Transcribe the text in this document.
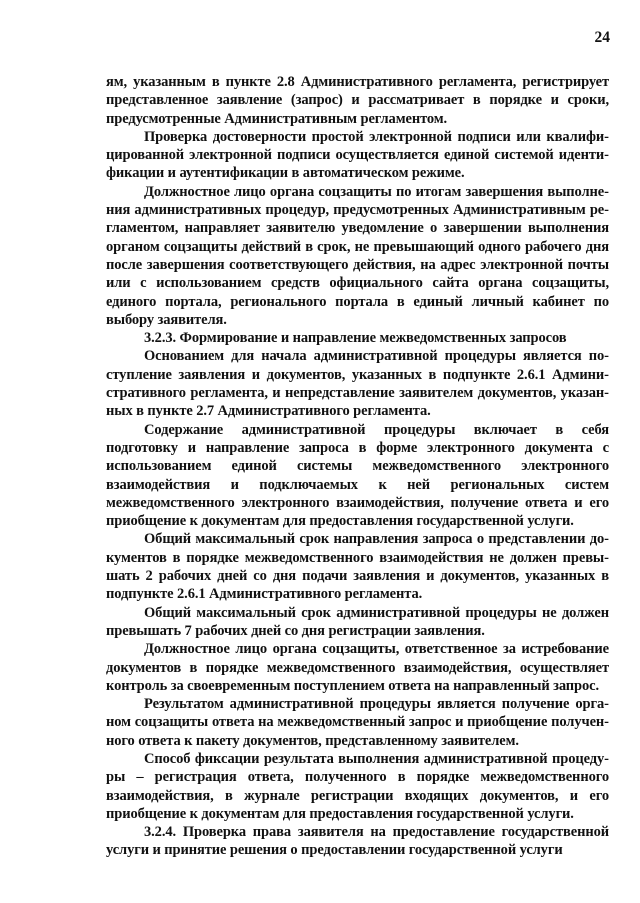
24

ям, указанным в пункте 2.8 Административного регламента, регистрирует представленное заявление (запрос) и рассматривает в порядке и сроки, предусмотренные Административным регламентом.

Проверка достоверности простой электронной подписи или квалифицированной электронной подписи осуществляется единой системой идентификации и аутентификации в автоматическом режиме.

Должностное лицо органа соцзащиты по итогам завершения выполнения административных процедур, предусмотренных Административным регламентом, направляет заявителю уведомление о завершении выполнения органом соцзащиты действий в срок, не превышающий одного рабочего дня после завершения соответствующего действия, на адрес электронной почты или с использованием средств официального сайта органа соцзащиты, единого портала, регионального портала в единый личный кабинет по выбору заявителя.

3.2.3. Формирование и направление межведомственных запросов

Основанием для начала административной процедуры является поступление заявления и документов, указанных в подпункте 2.6.1 Административного регламента, и непредставление заявителем документов, указанных в пункте 2.7 Административного регламента.

Содержание административной процедуры включает в себя подготовку и направление запроса в форме электронного документа с использованием единой системы межведомственного электронного взаимодействия и подключаемых к ней региональных систем межведомственного электронного взаимодействия, получение ответа и его приобщение к документам для предоставления государственной услуги.

Общий максимальный срок направления запроса о представлении документов в порядке межведомственного взаимодействия не должен превышать 2 рабочих дней со дня подачи заявления и документов, указанных в подпункте 2.6.1 Административного регламента.

Общий максимальный срок административной процедуры не должен превышать 7 рабочих дней со дня регистрации заявления.

Должностное лицо органа соцзащиты, ответственное за истребование документов в порядке межведомственного взаимодействия, осуществляет контроль за своевременным поступлением ответа на направленный запрос.

Результатом административной процедуры является получение органом соцзащиты ответа на межведомственный запрос и приобщение полученного ответа к пакету документов, представленному заявителем.

Способ фиксации результата выполнения административной процедуры – регистрация ответа, полученного в порядке межведомственного взаимодействия, в журнале регистрации входящих документов, и его приобщение к документам для предоставления государственной услуги.

3.2.4. Проверка права заявителя на предоставление государственной услуги и принятие решения о предоставлении государственной услуги
